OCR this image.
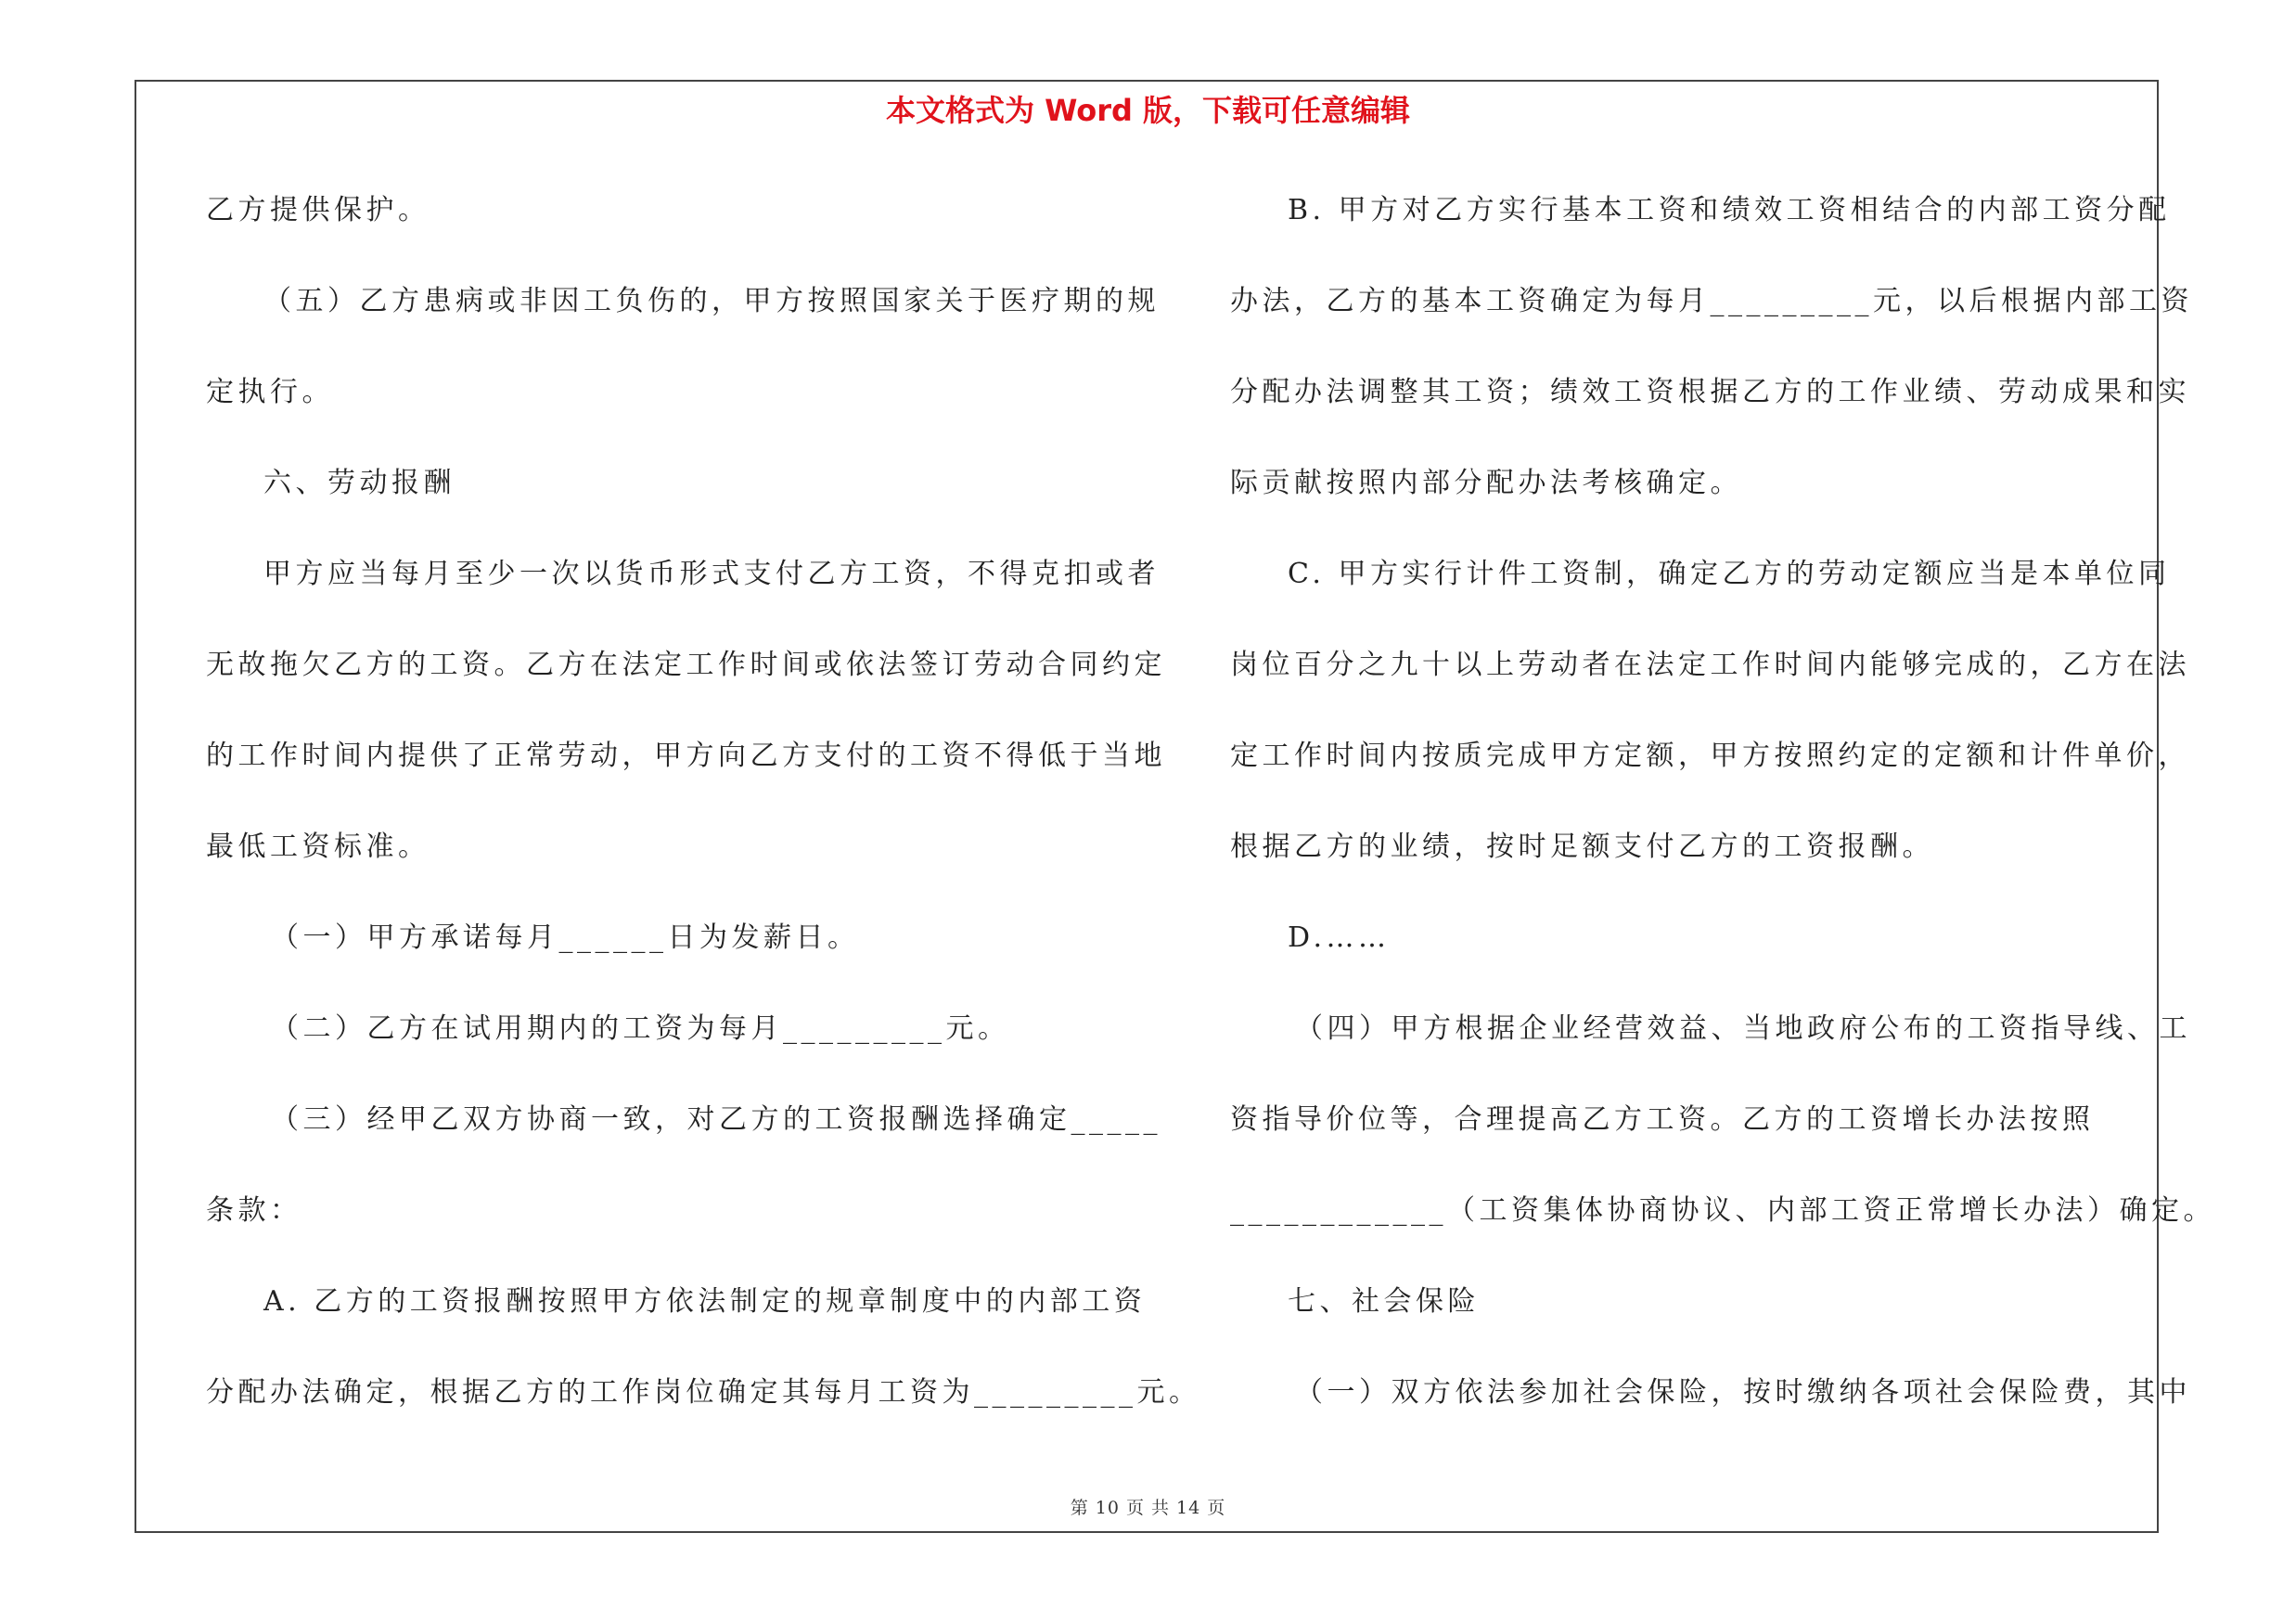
本文格式为 Word 版，下载可任意编辑
乙方提供保护。
（五）乙方患病或非因工负伤的，甲方按照国家关于医疗期的规
定执行。
六、劳动报酬
甲方应当每月至少一次以货币形式支付乙方工资，不得克扣或者
无故拖欠乙方的工资。乙方在法定工作时间或依法签订劳动合同约定
的工作时间内提供了正常劳动，甲方向乙方支付的工资不得低于当地
最低工资标准。
（一）甲方承诺每月______日为发薪日。
（二）乙方在试用期内的工资为每月_________元。
（三）经甲乙双方协商一致，对乙方的工资报酬选择确定_____
条款：
A. 乙方的工资报酬按照甲方依法制定的规章制度中的内部工资
分配办法确定，根据乙方的工作岗位确定其每月工资为_________元。
B. 甲方对乙方实行基本工资和绩效工资相结合的内部工资分配
办法，乙方的基本工资确定为每月_________元，以后根据内部工资
分配办法调整其工资；绩效工资根据乙方的工作业绩、劳动成果和实
际贡献按照内部分配办法考核确定。
C. 甲方实行计件工资制，确定乙方的劳动定额应当是本单位同
岗位百分之九十以上劳动者在法定工作时间内能够完成的，乙方在法
定工作时间内按质完成甲方定额，甲方按照约定的定额和计件单价，
根据乙方的业绩，按时足额支付乙方的工资报酬。
D.……
（四）甲方根据企业经营效益、当地政府公布的工资指导线、工
资指导价位等，合理提高乙方工资。乙方的工资增长办法按照
____________（工资集体协商协议、内部工资正常增长办法）确定。
七、社会保险
（一）双方依法参加社会保险，按时缴纳各项社会保险费，其中
第 10 页 共 14 页
